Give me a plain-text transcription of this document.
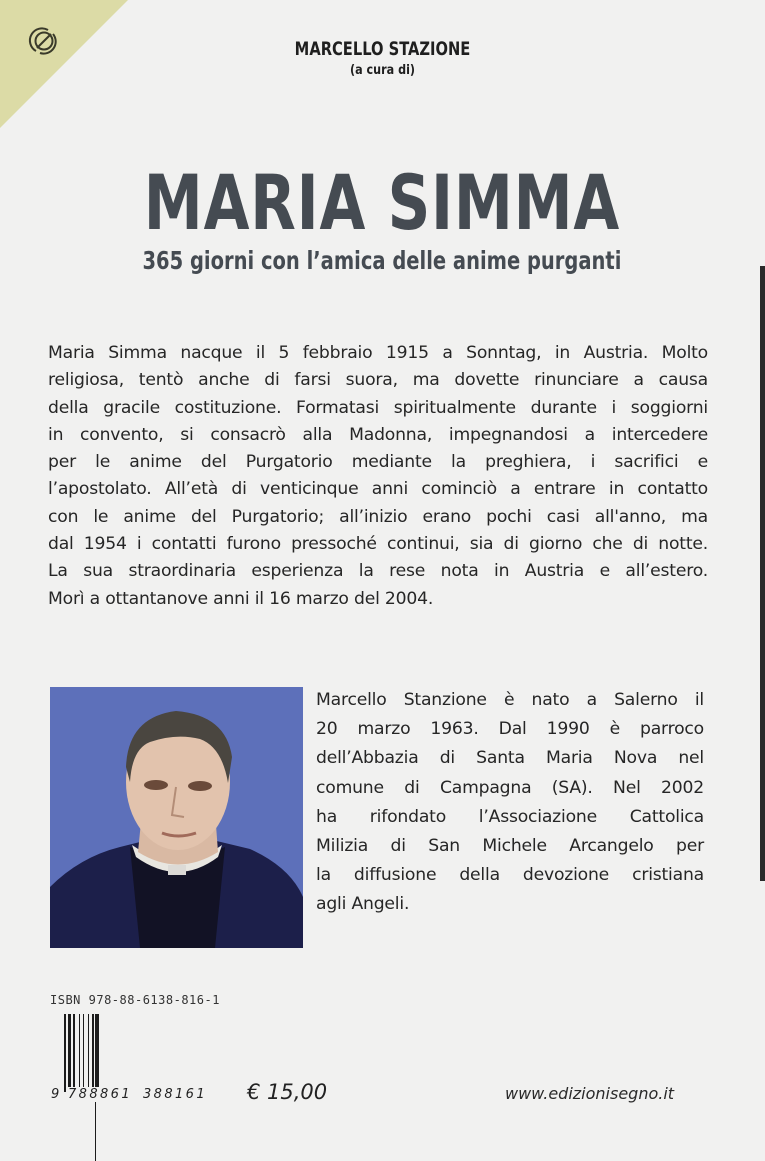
MARCELLO STAZIONE
(a cura di)
MARIA SIMMA
365 giorni con l’amica delle anime purganti
Maria Simma nacque il 5 febbraio 1915 a Sonntag, in Austria. Molto
religiosa, tentò anche di farsi suora, ma dovette rinunciare a causa
della gracile costituzione. Formatasi spiritualmente durante i soggiorni
in convento, si consacrò alla Madonna, impegnandosi a intercedere
per le anime del Purgatorio mediante la preghiera, i sacrifici e
l’apostolato. All’età di venticinque anni cominciò a entrare in contatto
con le anime del Purgatorio; all’inizio erano pochi casi all'anno, ma
dal 1954 i contatti furono pressoché continui, sia di giorno che di notte.
La sua straordinaria esperienza la rese nota in Austria e all’estero.
Morì a ottantanove anni il 16 marzo del 2004.
Marcello Stanzione è nato a Salerno il
20 marzo 1963. Dal 1990 è parroco
dell’Abbazia di Santa Maria Nova nel
comune di Campagna (SA). Nel 2002
ha rifondato l’Associazione Cattolica
Milizia di San Michele Arcangelo per
la diffusione della devozione cristiana
agli Angeli.
ISBN 978-88-6138-816-1
9 788861 388161 € 15,00	www.edizionisegno.it
